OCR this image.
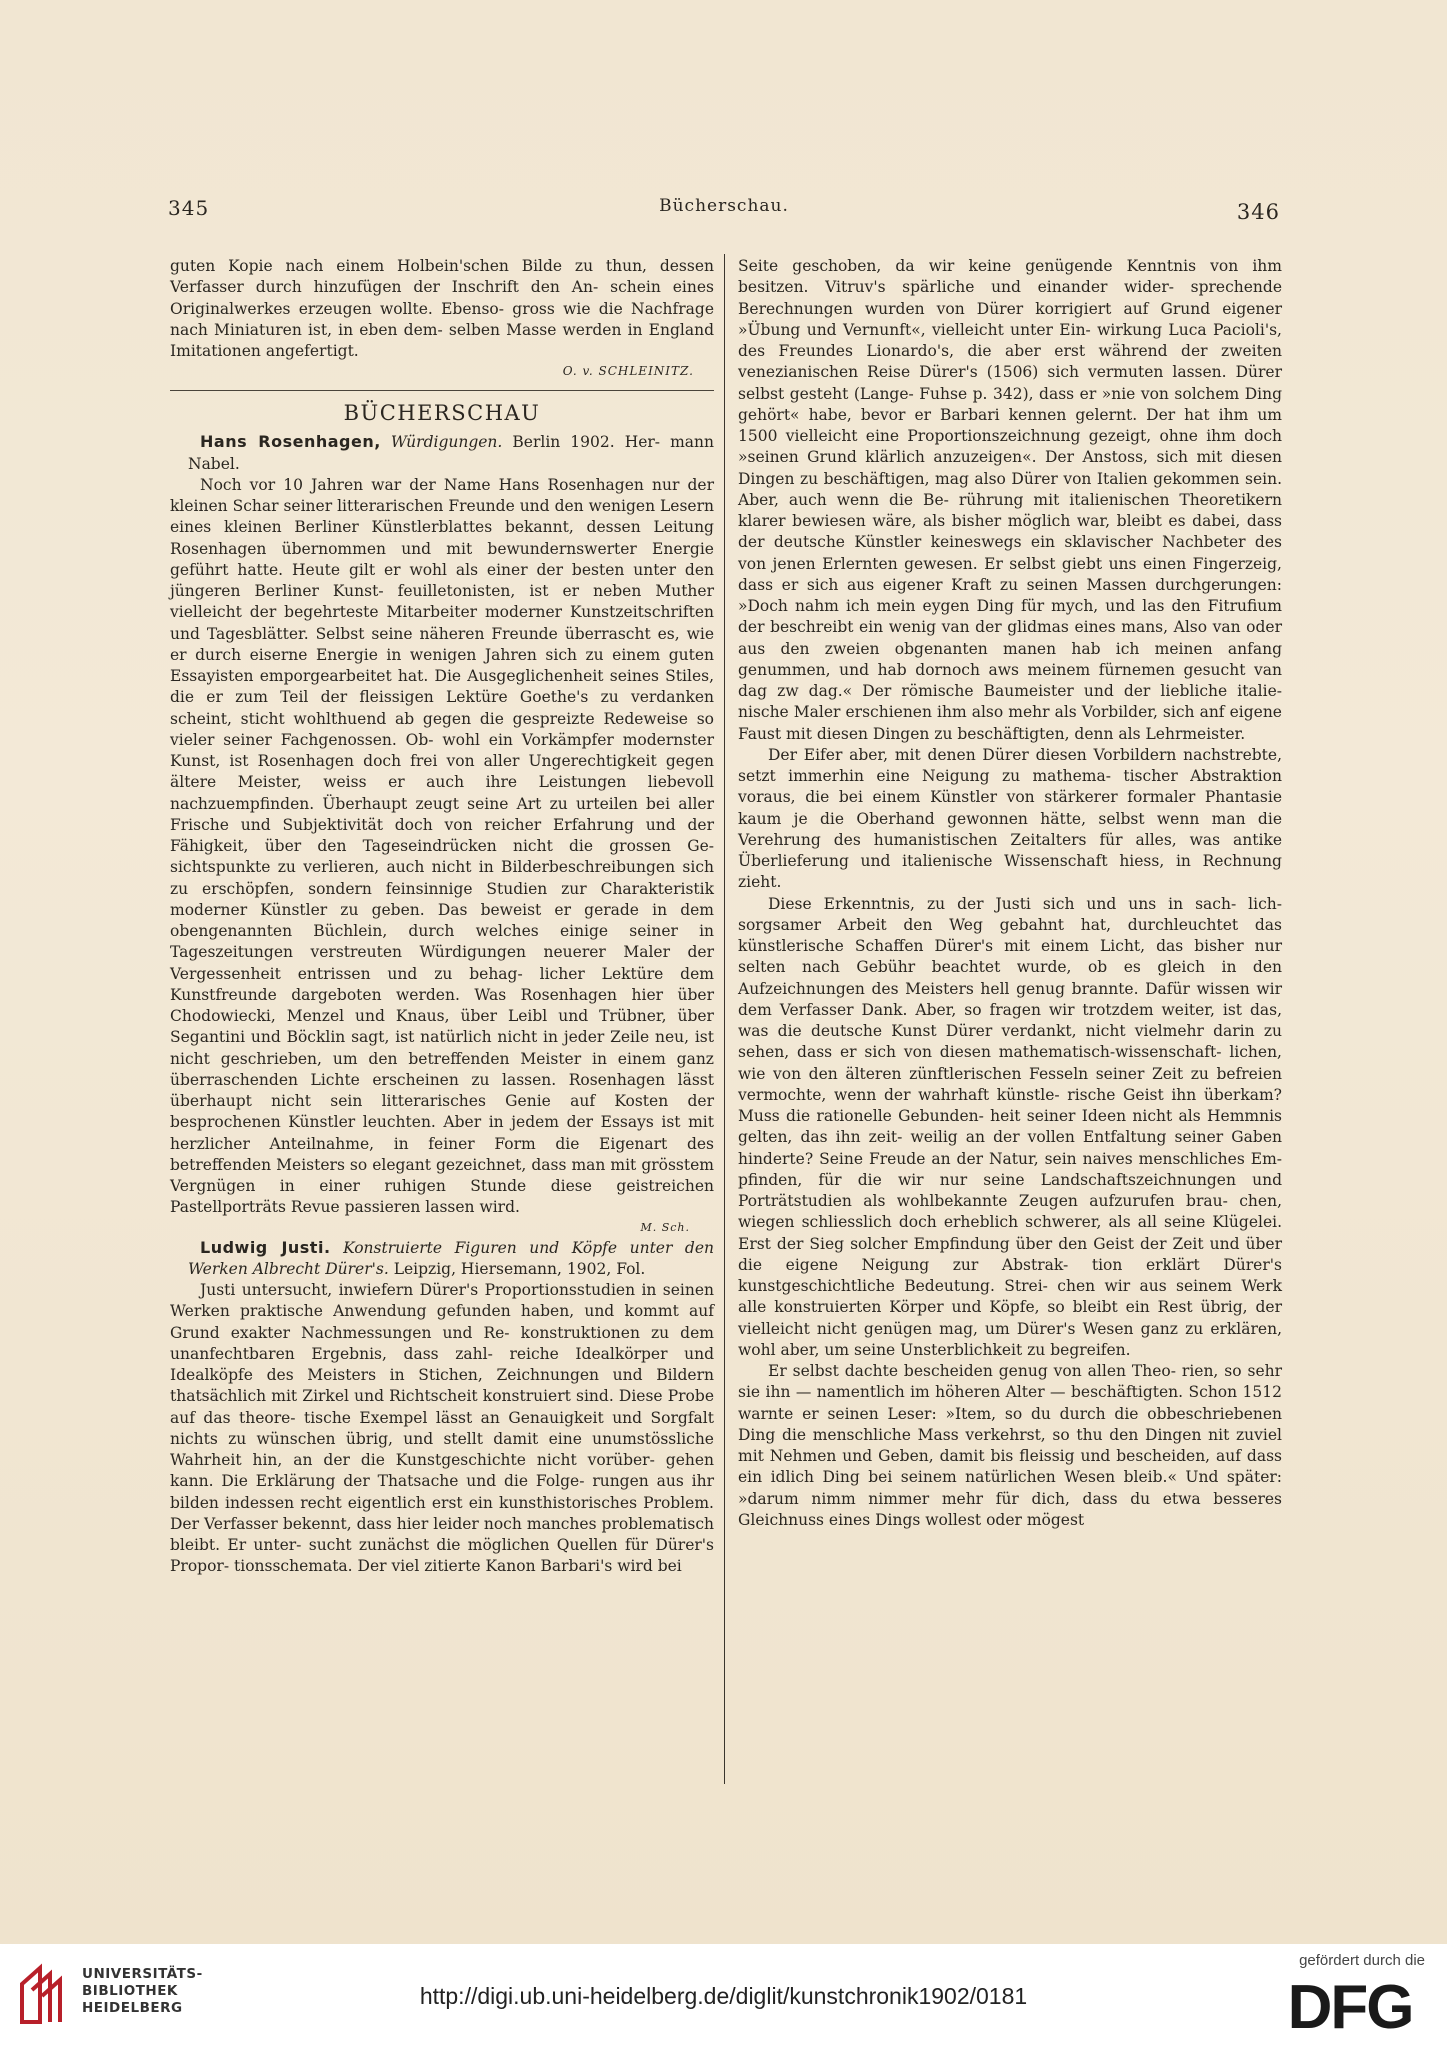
345	Bücherschau.	346

guten Kopie nach einem Holbein'schen Bilde zu thun, dessen Verfasser durch hinzufügen der Inschrift den An- schein eines Originalwerkes erzeugen wollte. Ebenso- gross wie die Nachfrage nach Miniaturen ist, in eben dem- selben Masse werden in England Imitationen angefertigt.

O. v. SCHLEINITZ.
BÜCHERSCHAU

Hans Rosenhagen, Würdigungen. Berlin 1902. Her- mann Nabel.

Noch vor 10 Jahren war der Name Hans Rosenhagen nur der kleinen Schar seiner litterarischen Freunde und den wenigen Lesern eines kleinen Berliner Künstlerblattes bekannt, dessen Leitung Rosenhagen übernommen und mit bewundernswerter Energie geführt hatte. Heute gilt er wohl als einer der besten unter den jüngeren Berliner Kunst- feuilletonisten, ist er neben Muther vielleicht der begehrteste Mitarbeiter moderner Kunstzeitschriften und Tagesblätter. Selbst seine näheren Freunde überrascht es, wie er durch eiserne Energie in wenigen Jahren sich zu einem guten Essayisten emporgearbeitet hat. Die Ausgeglichenheit seines Stiles, die er zum Teil der fleissigen Lektüre Goethe's zu verdanken scheint, sticht wohlthuend ab gegen die gespreizte Redeweise so vieler seiner Fachgenossen. Ob- wohl ein Vorkämpfer modernster Kunst, ist Rosenhagen doch frei von aller Ungerechtigkeit gegen ältere Meister, weiss er auch ihre Leistungen liebevoll nachzuempfinden. Überhaupt zeugt seine Art zu urteilen bei aller Frische und Subjektivität doch von reicher Erfahrung und der Fähigkeit, über den Tageseindrücken nicht die grossen Ge- sichtspunkte zu verlieren, auch nicht in Bilderbeschreibungen sich zu erschöpfen, sondern feinsinnige Studien zur Charakteristik moderner Künstler zu geben. Das beweist er gerade in dem obengenannten Büchlein, durch welches einige seiner in Tageszeitungen verstreuten Würdigungen neuerer Maler der Vergessenheit entrissen und zu behag- licher Lektüre dem Kunstfreunde dargeboten werden. Was Rosenhagen hier über Chodowiecki, Menzel und Knaus, über Leibl und Trübner, über Segantini und Böcklin sagt, ist natürlich nicht in jeder Zeile neu, ist nicht geschrieben, um den betreffenden Meister in einem ganz überraschenden Lichte erscheinen zu lassen. Rosenhagen lässt überhaupt nicht sein litterarisches Genie auf Kosten der besprochenen Künstler leuchten. Aber in jedem der Essays ist mit herzlicher Anteilnahme, in feiner Form die Eigenart des betreffenden Meisters so elegant gezeichnet, dass man mit grösstem Vergnügen in einer ruhigen Stunde diese geistreichen Pastellporträts Revue passieren lassen wird.

M. Sch.

Ludwig Justi. Konstruierte Figuren und Köpfe unter den Werken Albrecht Dürer's. Leipzig, Hiersemann, 1902, Fol.

Justi untersucht, inwiefern Dürer's Proportionsstudien in seinen Werken praktische Anwendung gefunden haben, und kommt auf Grund exakter Nachmessungen und Re- konstruktionen zu dem unanfechtbaren Ergebnis, dass zahl- reiche Idealkörper und Idealköpfe des Meisters in Stichen, Zeichnungen und Bildern thatsächlich mit Zirkel und Richtscheit konstruiert sind. Diese Probe auf das theore- tische Exempel lässt an Genauigkeit und Sorgfalt nichts zu wünschen übrig, und stellt damit eine unumstössliche Wahrheit hin, an der die Kunstgeschichte nicht vorüber- gehen kann. Die Erklärung der Thatsache und die Folge- rungen aus ihr bilden indessen recht eigentlich erst ein kunsthistorisches Problem. Der Verfasser bekennt, dass hier leider noch manches problematisch bleibt. Er unter- sucht zunächst die möglichen Quellen für Dürer's Propor- tionsschemata. Der viel zitierte Kanon Barbari's wird bei

Seite geschoben, da wir keine genügende Kenntnis von ihm besitzen. Vitruv's spärliche und einander wider- sprechende Berechnungen wurden von Dürer korrigiert auf Grund eigener »Übung und Vernunft«, vielleicht unter Ein- wirkung Luca Pacioli's, des Freundes Lionardo's, die aber erst während der zweiten venezianischen Reise Dürer's (1506) sich vermuten lassen. Dürer selbst gesteht (Lange- Fuhse p. 342), dass er »nie von solchem Ding gehört« habe, bevor er Barbari kennen gelernt. Der hat ihm um 1500 vielleicht eine Proportionszeichnung gezeigt, ohne ihm doch »seinen Grund klärlich anzuzeigen«. Der Anstoss, sich mit diesen Dingen zu beschäftigen, mag also Dürer von Italien gekommen sein. Aber, auch wenn die Be- rührung mit italienischen Theoretikern klarer bewiesen wäre, als bisher möglich war, bleibt es dabei, dass der deutsche Künstler keineswegs ein sklavischer Nachbeter des von jenen Erlernten gewesen. Er selbst giebt uns einen Fingerzeig, dass er sich aus eigener Kraft zu seinen Massen durchgerungen: »Doch nahm ich mein eygen Ding für mych, und las den Fitrufium der beschreibt ein wenig van der glidmas eines mans, Also van oder aus den zweien obgenanten manen hab ich meinen anfang genummen, und hab dornoch aws meinem fürnemen gesucht van dag zw dag.« Der römische Baumeister und der liebliche italie- nische Maler erschienen ihm also mehr als Vorbilder, sich anf eigene Faust mit diesen Dingen zu beschäftigten, denn als Lehrmeister.

Der Eifer aber, mit denen Dürer diesen Vorbildern nachstrebte, setzt immerhin eine Neigung zu mathema- tischer Abstraktion voraus, die bei einem Künstler von stärkerer formaler Phantasie kaum je die Oberhand gewonnen hätte, selbst wenn man die Verehrung des humanistischen Zeitalters für alles, was antike Überlieferung und italienische Wissenschaft hiess, in Rechnung zieht.

Diese Erkenntnis, zu der Justi sich und uns in sach- lich-sorgsamer Arbeit den Weg gebahnt hat, durchleuchtet das künstlerische Schaffen Dürer's mit einem Licht, das bisher nur selten nach Gebühr beachtet wurde, ob es gleich in den Aufzeichnungen des Meisters hell genug brannte. Dafür wissen wir dem Verfasser Dank. Aber, so fragen wir trotzdem weiter, ist das, was die deutsche Kunst Dürer verdankt, nicht vielmehr darin zu sehen, dass er sich von diesen mathematisch-wissenschaft- lichen, wie von den älteren zünftlerischen Fesseln seiner Zeit zu befreien vermochte, wenn der wahrhaft künstle- rische Geist ihn überkam? Muss die rationelle Gebunden- heit seiner Ideen nicht als Hemmnis gelten, das ihn zeit- weilig an der vollen Entfaltung seiner Gaben hinderte? Seine Freude an der Natur, sein naives menschliches Em- pfinden, für die wir nur seine Landschaftszeichnungen und Porträtstudien als wohlbekannte Zeugen aufzurufen brau- chen, wiegen schliesslich doch erheblich schwerer, als all seine Klügelei. Erst der Sieg solcher Empfindung über den Geist der Zeit und über die eigene Neigung zur Abstrak- tion erklärt Dürer's kunstgeschichtliche Bedeutung. Strei- chen wir aus seinem Werk alle konstruierten Körper und Köpfe, so bleibt ein Rest übrig, der vielleicht nicht genügen mag, um Dürer's Wesen ganz zu erklären, wohl aber, um seine Unsterblichkeit zu begreifen.

Er selbst dachte bescheiden genug von allen Theo- rien, so sehr sie ihn — namentlich im höheren Alter — beschäftigten. Schon 1512 warnte er seinen Leser: »Item, so du durch die obbeschriebenen Ding die menschliche Mass verkehrst, so thu den Dingen nit zuviel mit Nehmen und Geben, damit bis fleissig und bescheiden, auf dass ein idlich Ding bei seinem natürlichen Wesen bleib.« Und später: »darum nimm nimmer mehr für dich, dass du etwa besseres Gleichnuss eines Dings wollest oder mögest

UNIVERSITÄTS-
BIBLIOTHEK
HEIDELBERG	http://digi.ub.uni-heidelberg.de/diglit/kunstchronik1902/0181
gefördert durch die
DFG
